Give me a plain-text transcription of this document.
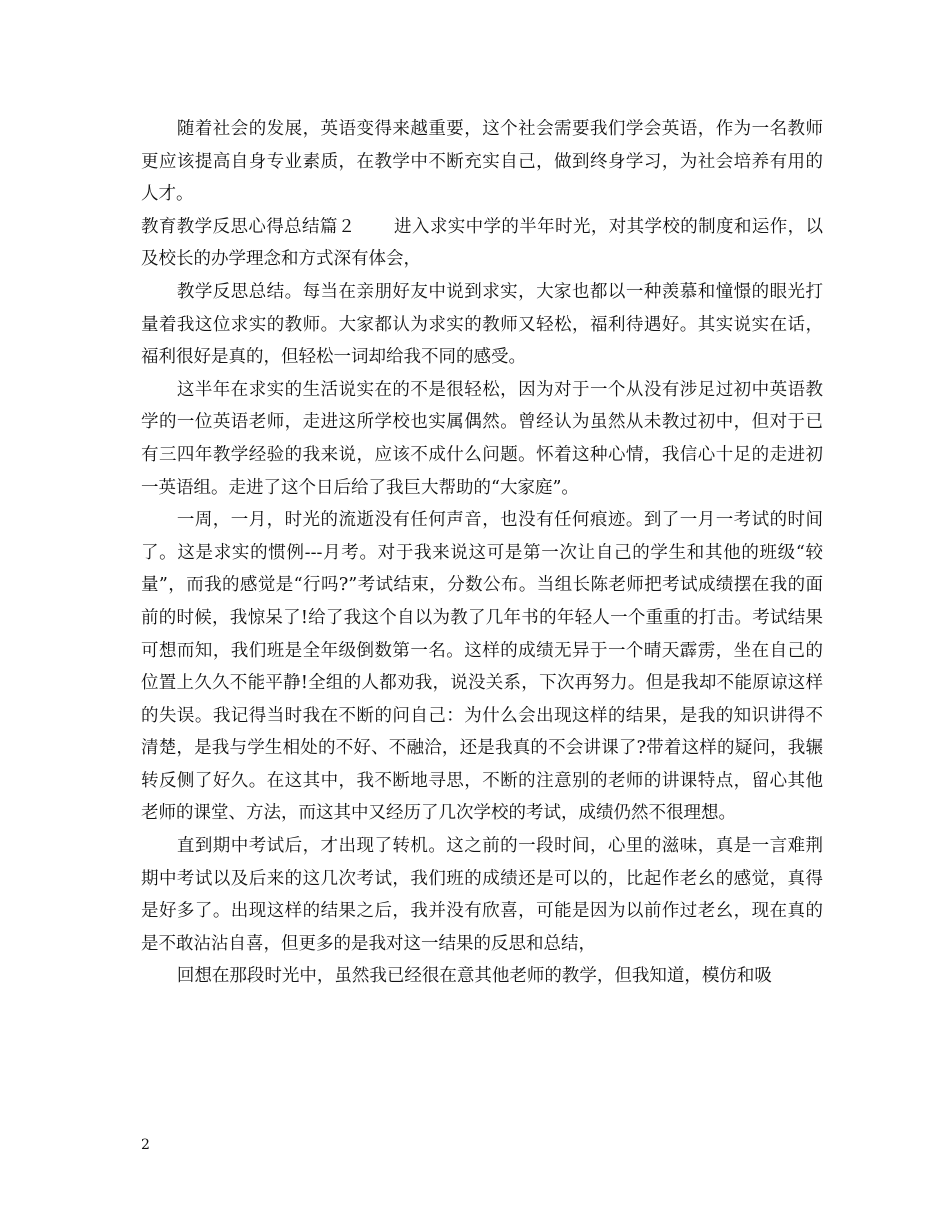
随着社会的发展，英语变得来越重要，这个社会需要我们学会英语，作为一名教师更应该提高自身专业素质，在教学中不断充实自己，做到终身学习，为社会培养有用的人才。

教育教学反思心得总结篇２ 进入求实中学的半年时光，对其学校的制度和运作，以及校长的办学理念和方式深有体会，

教学反思总结。每当在亲朋好友中说到求实，大家也都以一种羡慕和憧憬的眼光打量着我这位求实的教师。大家都认为求实的教师又轻松，福利待遇好。其实说实在话，福利很好是真的，但轻松一词却给我不同的感受。

这半年在求实的生活说实在的不是很轻松，因为对于一个从没有涉足过初中英语教学的一位英语老师，走进这所学校也实属偶然。曾经认为虽然从未教过初中，但对于已有三四年教学经验的我来说，应该不成什么问题。怀着这种心情，我信心十足的走进初一英语组。走进了这个日后给了我巨大帮助的“大家庭”。

一周，一月，时光的流逝没有任何声音，也没有任何痕迹。到了一月一考试的时间了。这是求实的惯例---月考。对于我来说这可是第一次让自己的学生和其他的班级“较量”，而我的感觉是“行吗?”考试结束，分数公布。当组长陈老师把考试成绩摆在我的面前的时候，我惊呆了!给了我这个自以为教了几年书的年轻人一个重重的打击。考试结果可想而知，我们班是全年级倒数第一名。这样的成绩无异于一个晴天霹雳，坐在自己的位置上久久不能平静!全组的人都劝我，说没关系，下次再努力。但是我却不能原谅这样的失误。我记得当时我在不断的问自己：为什么会出现这样的结果，是我的知识讲得不清楚，是我与学生相处的不好、不融洽，还是我真的不会讲课了?带着这样的疑问，我辗转反侧了好久。在这其中，我不断地寻思，不断的注意别的老师的讲课特点，留心其他老师的课堂、方法，而这其中又经历了几次学校的考试，成绩仍然不很理想。

直到期中考试后，才出现了转机。这之前的一段时间，心里的滋味，真是一言难荆期中考试以及后来的这几次考试，我们班的成绩还是可以的，比起作老幺的感觉，真得是好多了。出现这样的结果之后，我并没有欣喜，可能是因为以前作过老幺，现在真的是不敢沾沾自喜，但更多的是我对这一结果的反思和总结，

回想在那段时光中，虽然我已经很在意其他老师的教学，但我知道，模仿和吸

2
